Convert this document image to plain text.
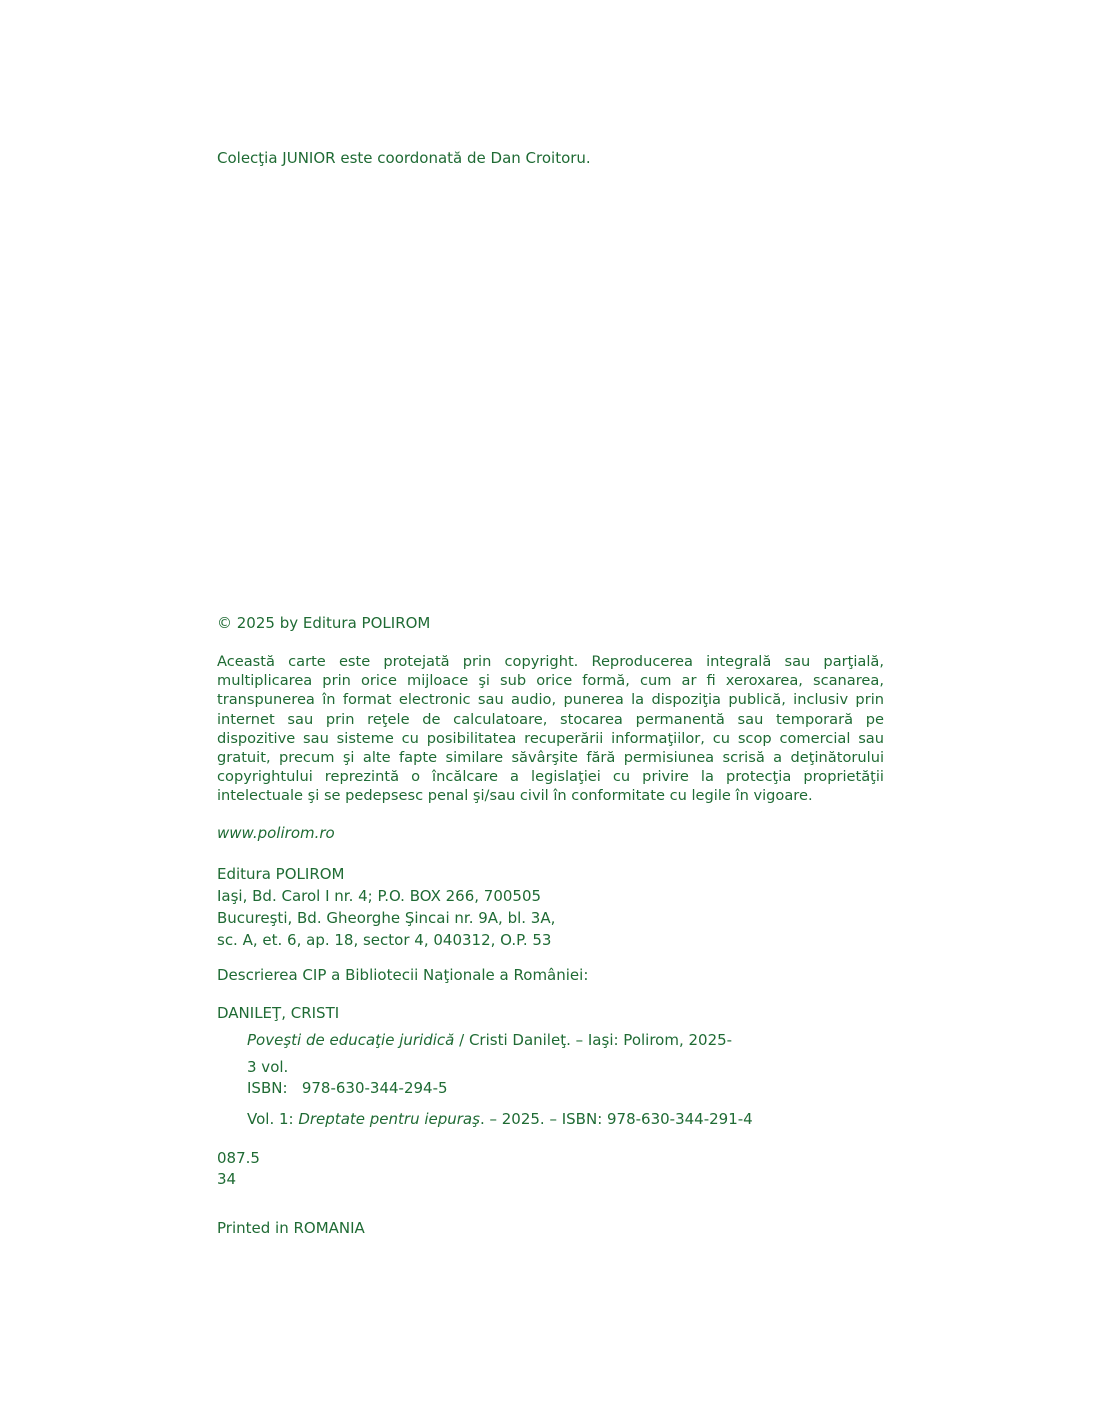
Colecţia JUNIOR este coordonată de Dan Croitoru.
© 2025 by Editura POLIROM
Această carte este protejată prin copyright. Reproducerea integrală sau parţială, multiplicarea prin orice mijloace şi sub orice formă, cum ar fi xeroxarea, scanarea, transpunerea în format electronic sau audio, punerea la dispoziţia publică, inclusiv prin internet sau prin reţele de calculatoare, stocarea permanentă sau temporară pe dispozitive sau sisteme cu posibilitatea recuperării informaţiilor, cu scop comercial sau gratuit, precum şi alte fapte similare săvârşite fără permisiunea scrisă a deţinătorului copyrightului reprezintă o încălcare a legislaţiei cu privire la protecţia proprietăţii intelectuale şi se pedepsesc penal şi/sau civil în conformitate cu legile în vigoare.
www.polirom.ro
Editura POLIROM
Iaşi, Bd. Carol I nr. 4; P.O. BOX 266, 700505
Bucureşti, Bd. Gheorghe Şincai nr. 9A, bl. 3A,
sc. A, et. 6, ap. 18, sector 4, 040312, O.P. 53
Descrierea CIP a Bibliotecii Naţionale a României:
DANILEŢ, CRISTI
Poveşti de educaţie juridică / Cristi Danileţ. – Iaşi: Polirom, 2025-
3 vol.
ISBN:   978-630-344-294-5
Vol. 1: Dreptate pentru iepuraş. – 2025. – ISBN: 978-630-344-291-4
087.5
34
Printed in ROMANIA
